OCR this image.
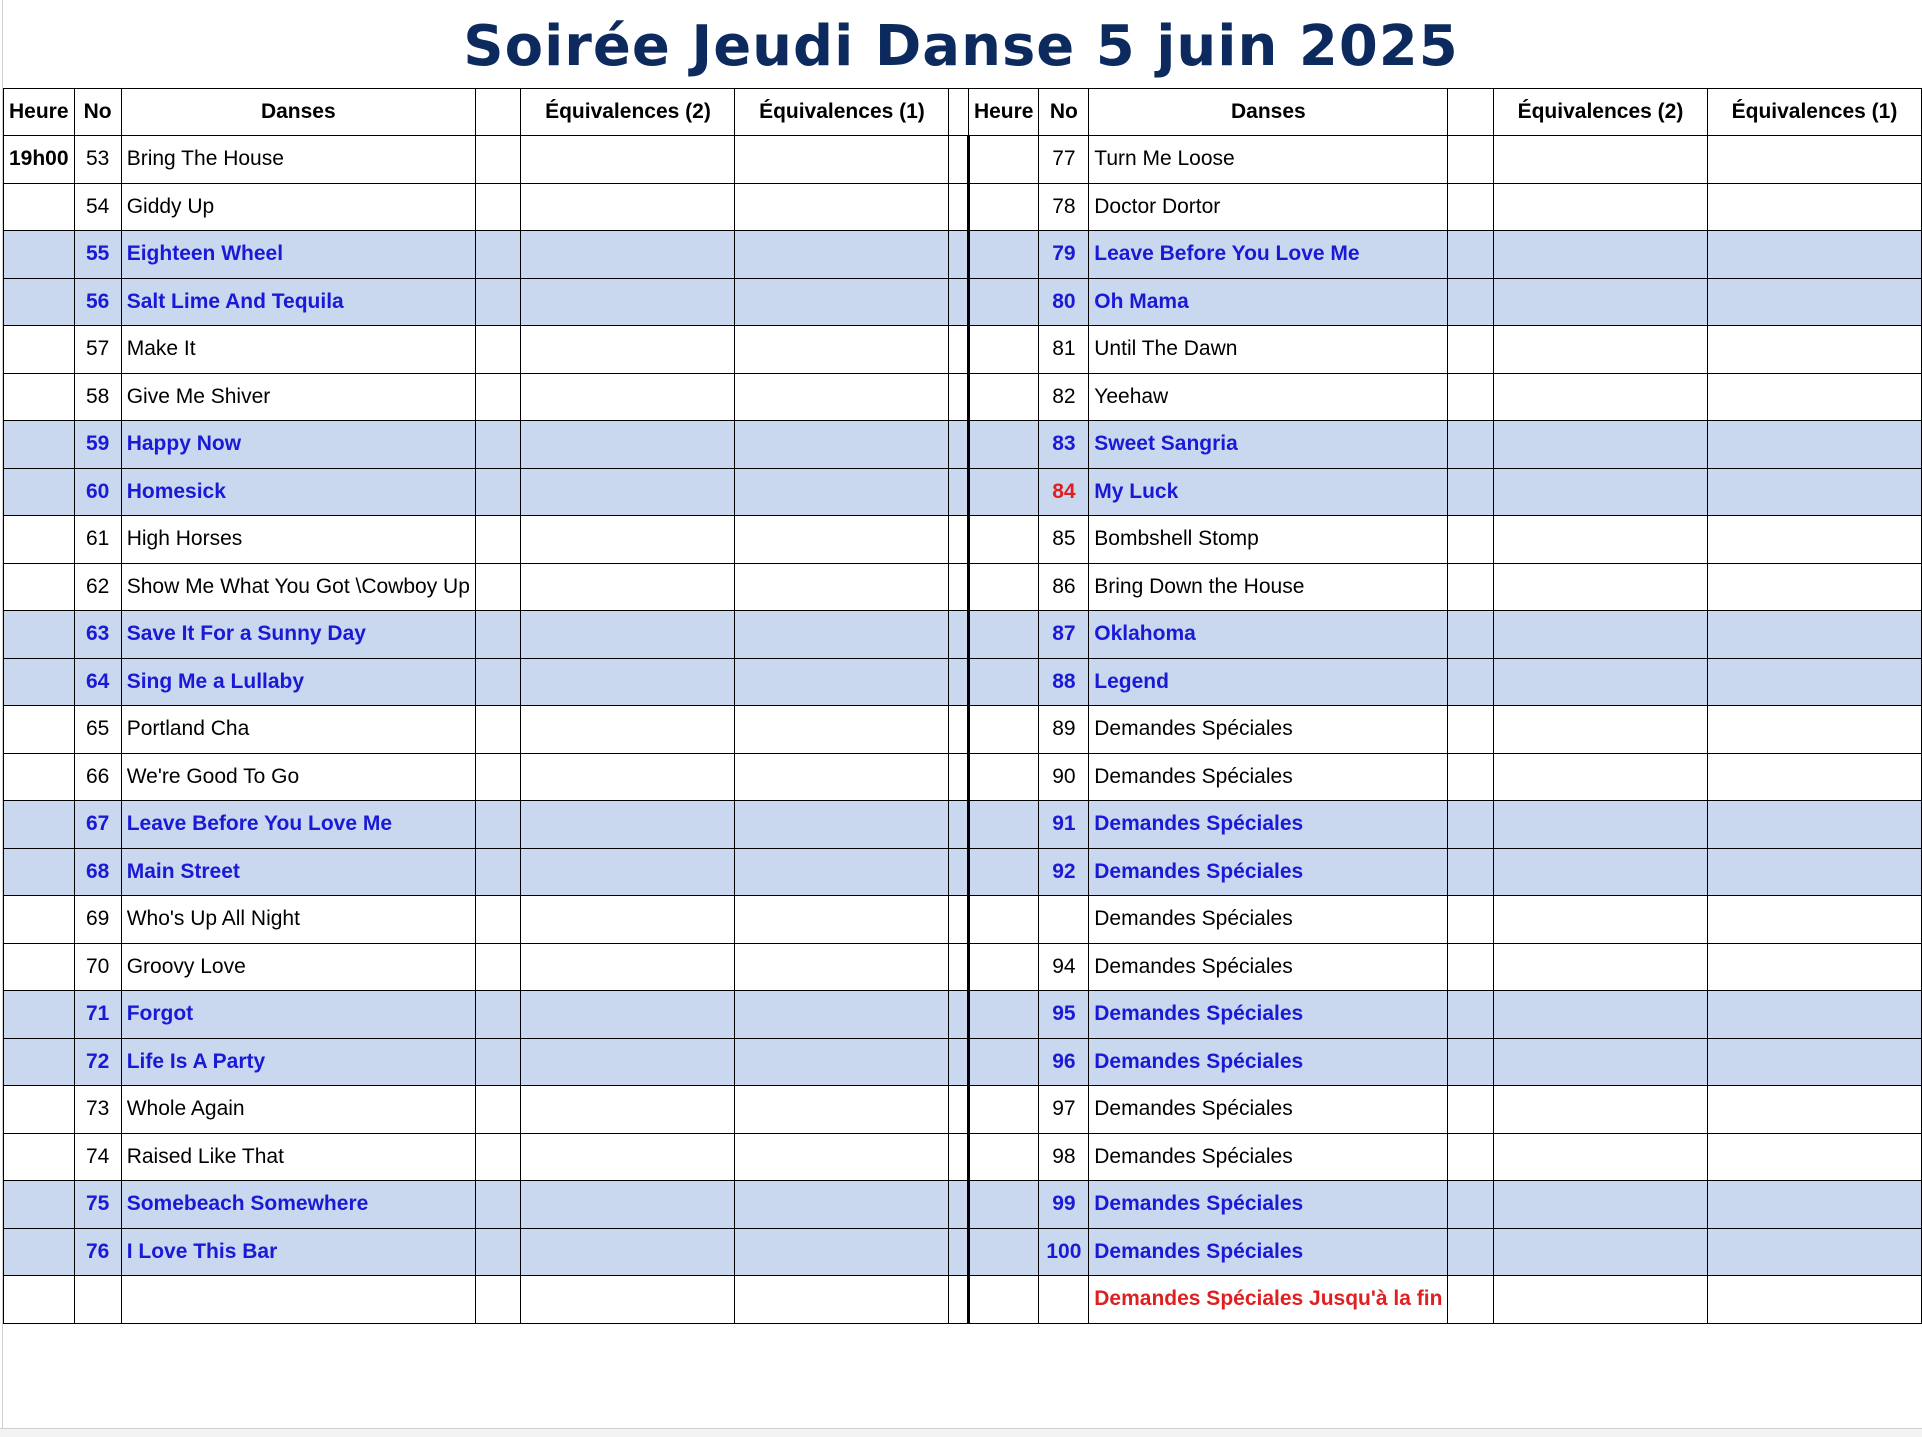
Soirée Jeudi Danse 5 juin 2025
Heure	No	Danses		Équivalences (2)	Équivalences (1)		Heure	No	Danses		Équivalences (2)	Équivalences (1)
19h00	53	Bring The House						77	Turn Me Loose			
	54	Giddy Up						78	Doctor Dortor			
	55	Eighteen Wheel						79	Leave Before You Love Me			
	56	Salt Lime And Tequila						80	Oh Mama			
	57	Make It						81	Until The Dawn			
	58	Give Me Shiver						82	Yeehaw			
	59	Happy Now						83	Sweet Sangria			
	60	Homesick						84	My Luck			
	61	High Horses						85	Bombshell Stomp			
	62	Show Me What You Got \Cowboy Up						86	Bring Down the House			
	63	Save It For a Sunny Day						87	Oklahoma			
	64	Sing Me a Lullaby						88	Legend			
	65	Portland Cha						89	Demandes Spéciales			
	66	We're Good To Go						90	Demandes Spéciales			
	67	Leave Before You Love Me						91	Demandes Spéciales			
	68	Main Street						92	Demandes Spéciales			
	69	Who's Up All Night							Demandes Spéciales			
	70	Groovy Love						94	Demandes Spéciales			
	71	Forgot						95	Demandes Spéciales			
	72	Life Is A Party						96	Demandes Spéciales			
	73	Whole Again						97	Demandes Spéciales			
	74	Raised Like That						98	Demandes Spéciales			
	75	Somebeach Somewhere						99	Demandes Spéciales			
	76	I Love This Bar						100	Demandes Spéciales			
									Demandes Spéciales Jusqu'à la fin			
